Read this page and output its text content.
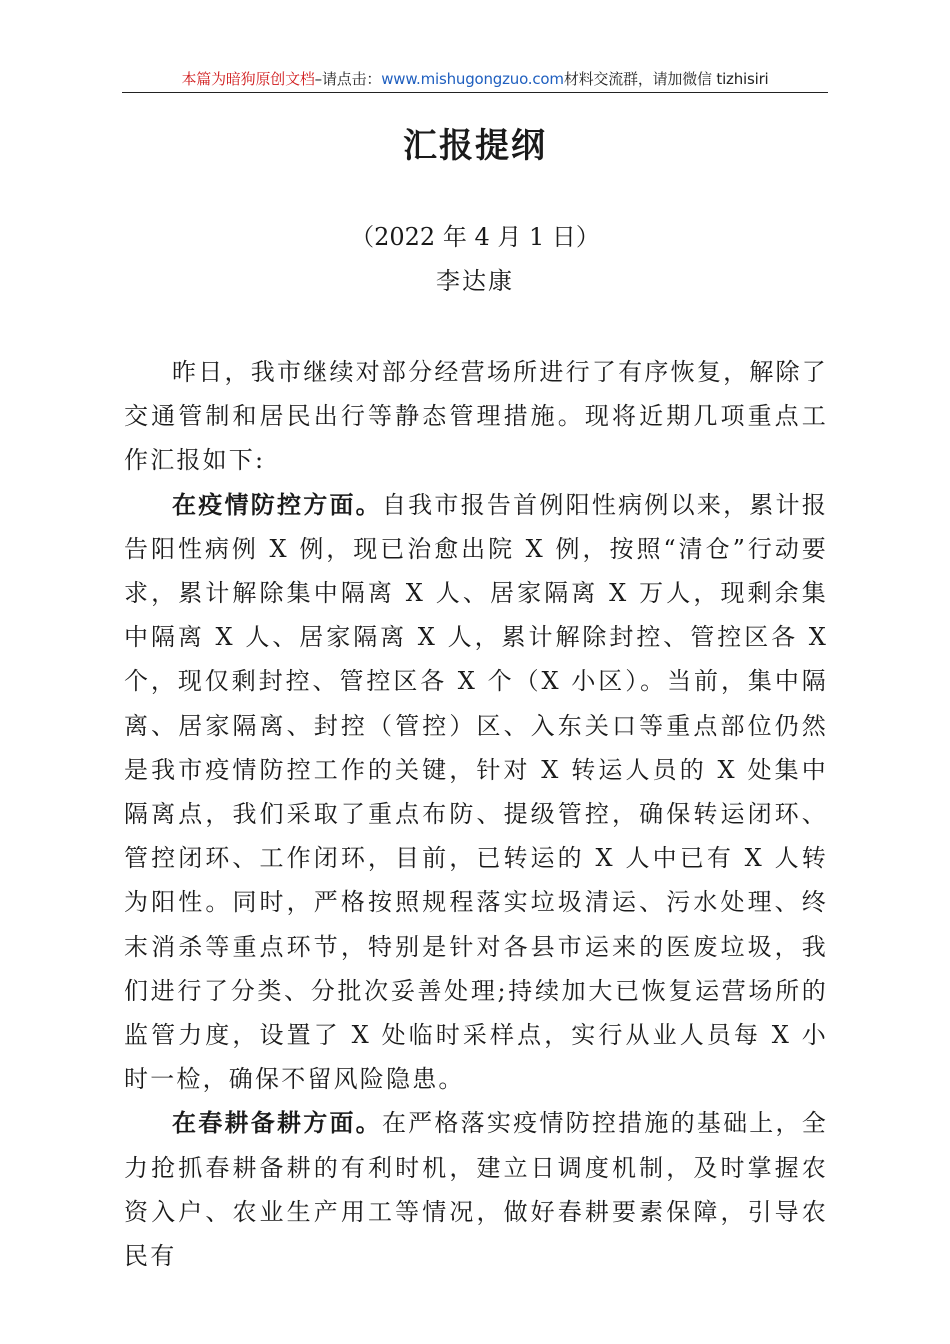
本篇为暗狗原创文档–请点击：www.mishugongzuo.com材料交流群，请加微信 tizhisiri
汇报提纲
（2022 年 4 月 1 日）
李达康

昨日，我市继续对部分经营场所进行了有序恢复，解除了交通管制和居民出行等静态管理措施。现将近期几项重点工作汇报如下:

在疫情防控方面。自我市报告首例阳性病例以来，累计报告阳性病例 X 例，现已治愈出院 X 例，按照“清仓”行动要求，累计解除集中隔离 X 人、居家隔离 X 万人，现剩余集中隔离 X 人、居家隔离 X 人，累计解除封控、管控区各 X 个，现仅剩封控、管控区各 X 个（X 小区）。当前，集中隔离、居家隔离、封控（管控）区、入东关口等重点部位仍然是我市疫情防控工作的关键，针对 X 转运人员的 X 处集中隔离点，我们采取了重点布防、提级管控，确保转运闭环、管控闭环、工作闭环，目前，已转运的 X 人中已有 X 人转为阳性。同时，严格按照规程落实垃圾清运、污水处理、终末消杀等重点环节，特别是针对各县市运来的医废垃圾，我们进行了分类、分批次妥善处理;持续加大已恢复运营场所的监管力度，设置了 X 处临时采样点，实行从业人员每 X 小时一检，确保不留风险隐患。

在春耕备耕方面。在严格落实疫情防控措施的基础上，全力抢抓春耕备耕的有利时机，建立日调度机制，及时掌握农资入户、农业生产用工等情况，做好春耕要素保障，引导农民有
